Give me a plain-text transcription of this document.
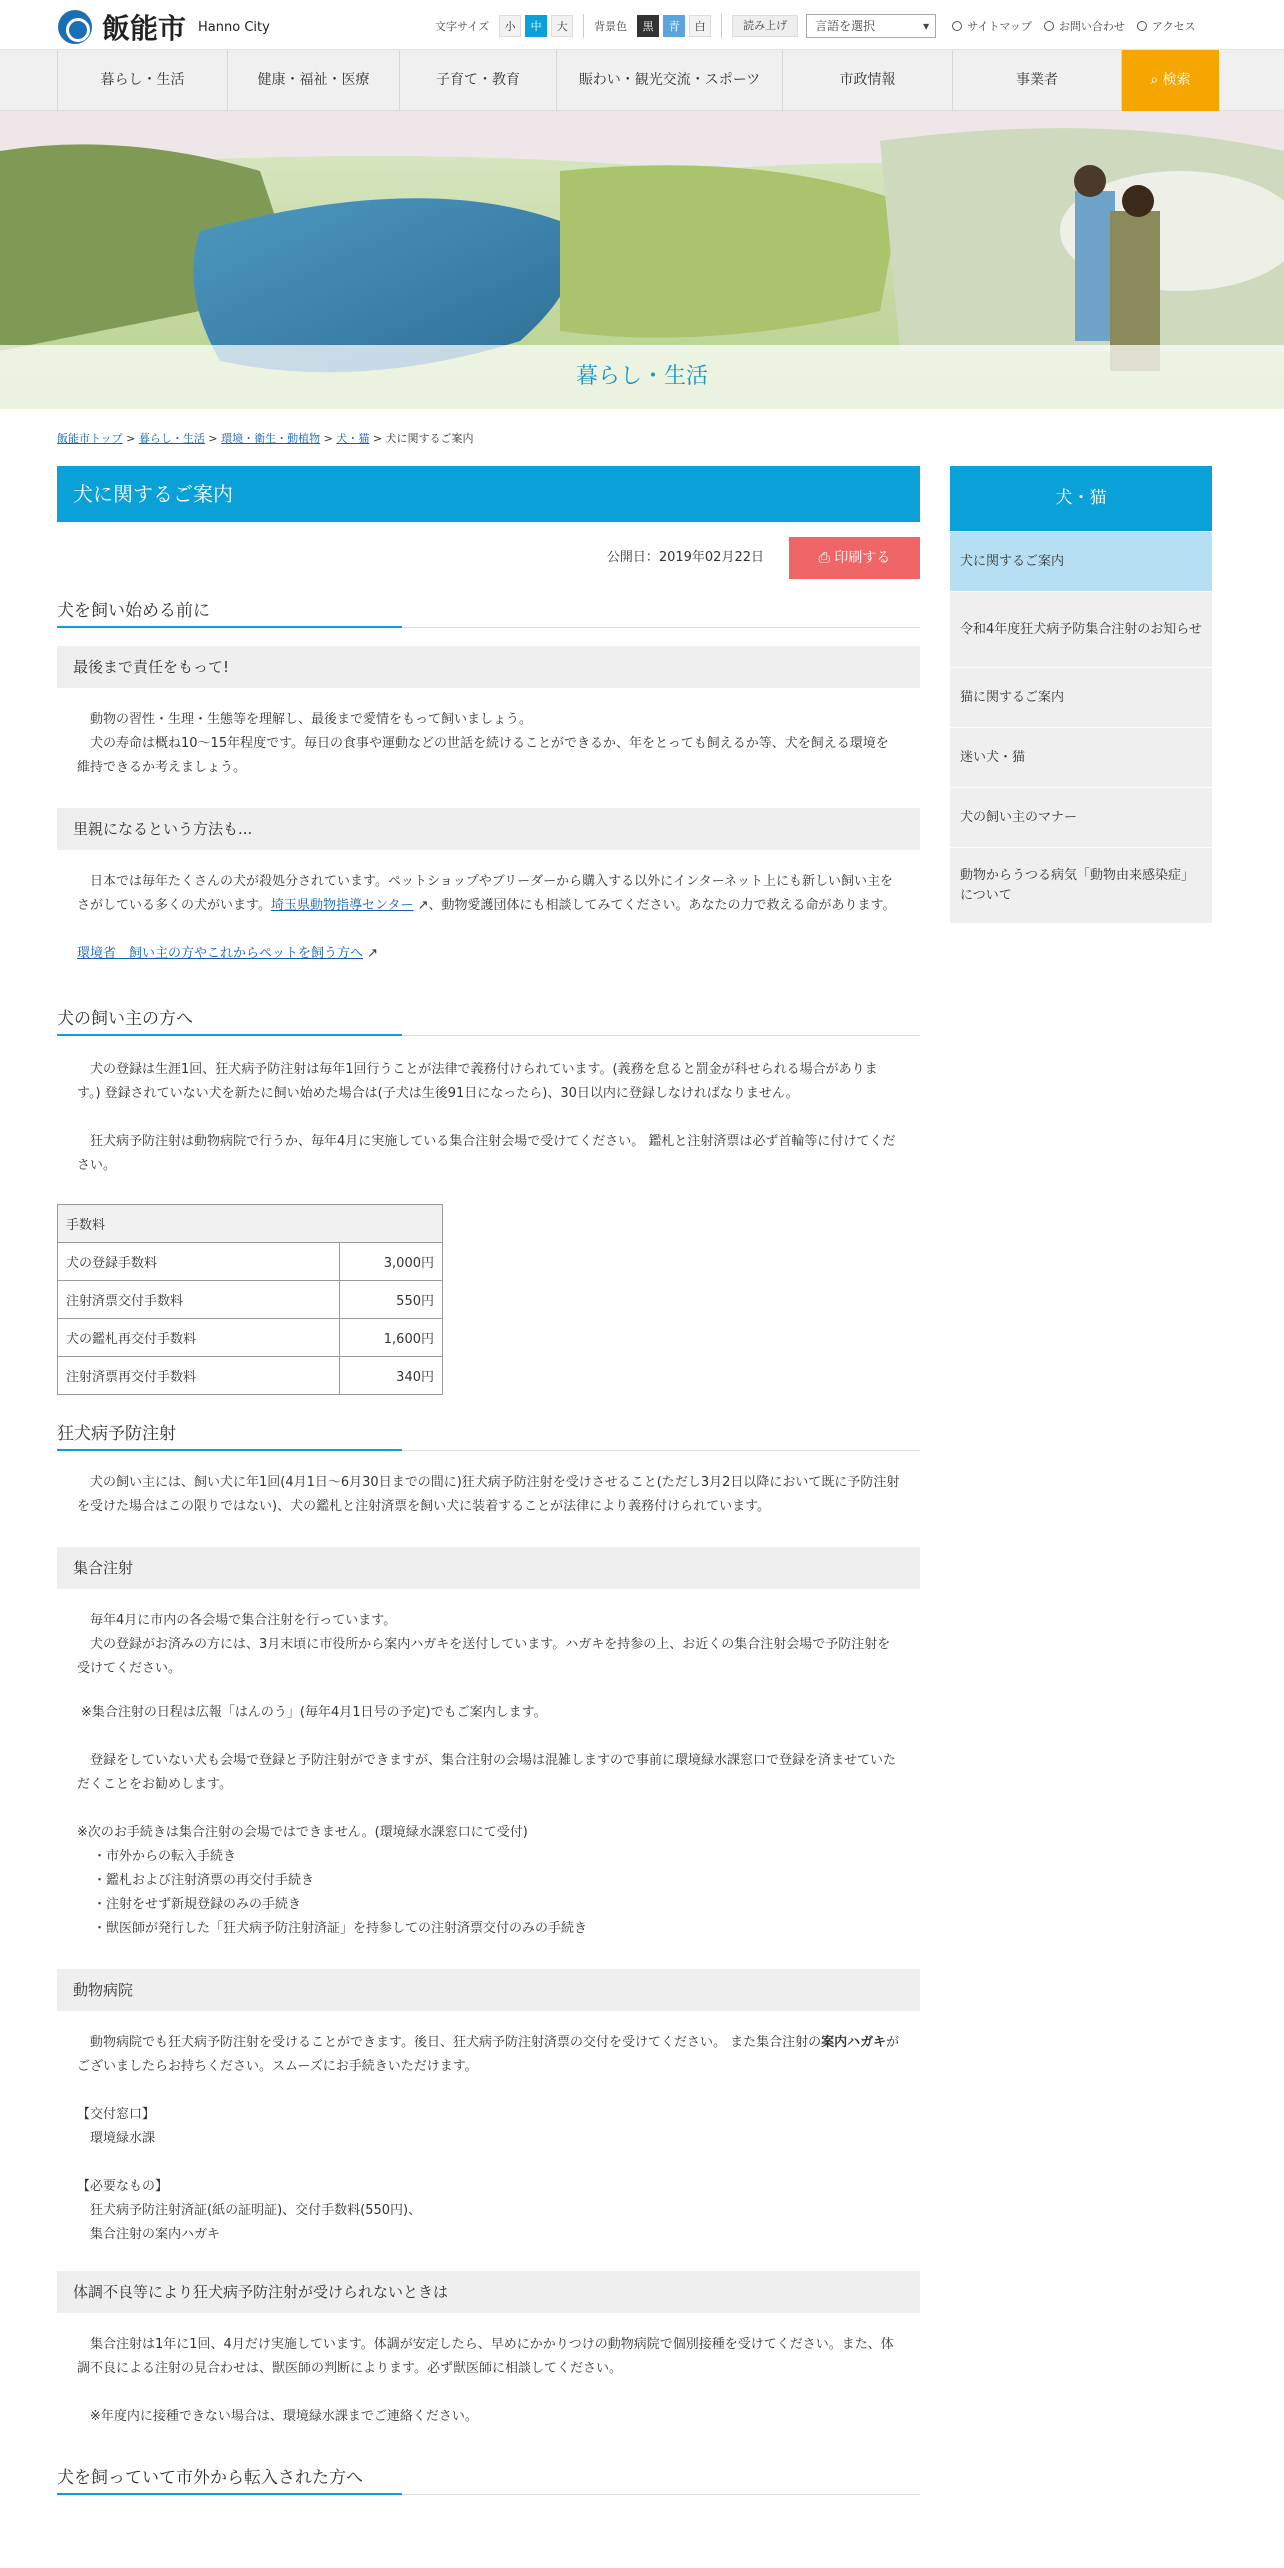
飯能市 Hanno City	文字サイズ	小	中	大	背景色	黒	青	白	読み上げ	言語を選択 ▾	サイトマップ お問い合わせ アクセス
暮らし・生活	健康・福祉・医療	子育て・教育	賑わい・観光交流・スポーツ	市政情報	事業者	⌕ 検索
暮らし・生活
飯能市トップ > 暮らし・生活 > 環境・衛生・動植物 > 犬・猫 > 犬に関するご案内
犬に関するご案内
公開日：2019年02月22日	⎙ 印刷する
犬を飼い始める前に
最後まで責任をもって!

動物の習性・生理・生態等を理解し、最後まで愛情をもって飼いましょう。

犬の寿命は概ね10～15年程度です。毎日の食事や運動などの世話を続けることができるか、年をとっても飼えるか等、犬を飼える環境を維持できるか考えましょう。

里親になるという方法も...

日本では毎年たくさんの犬が殺処分されています。ペットショップやブリーダーから購入する以外にインターネット上にも新しい飼い主をさがしている多くの犬がいます。埼玉県動物指導センター ↗、動物愛護団体にも相談してみてください。あなたの力で救える命があります。

環境省　飼い主の方やこれからペットを飼う方へ ↗

犬の飼い主の方へ

犬の登録は生涯1回、狂犬病予防注射は毎年1回行うことが法律で義務付けられています。(義務を怠ると罰金が科せられる場合があります。) 登録されていない犬を新たに飼い始めた場合は(子犬は生後91日になったら)、30日以内に登録しなければなりません。

狂犬病予防注射は動物病院で行うか、毎年4月に実施している集合注射会場で受けてください。 鑑札と注射済票は必ず首輪等に付けてください。

手数料	
犬の登録手数料	3,000円
注射済票交付手数料	550円
犬の鑑札再交付手数料	1,600円
注射済票再交付手数料	340円
狂犬病予防注射

犬の飼い主には、飼い犬に年1回(4月1日～6月30日までの間に)狂犬病予防注射を受けさせること(ただし3月2日以降において既に予防注射を受けた場合はこの限りではない)、犬の鑑札と注射済票を飼い犬に装着することが法律により義務付けられています。

集合注射

毎年4月に市内の各会場で集合注射を行っています。

犬の登録がお済みの方には、3月末頃に市役所から案内ハガキを送付しています。ハガキを持参の上、お近くの集合注射会場で予防注射を受けてください。

※集合注射の日程は広報「はんのう」(毎年4月1日号の予定)でもご案内します。

登録をしていない犬も会場で登録と予防注射ができますが、集合注射の会場は混雑しますので事前に環境緑水課窓口で登録を済ませていただくことをお勧めします。

※次のお手続きは集合注射の会場ではできません。(環境緑水課窓口にて受付)

・市外からの転入手続き

・鑑札および注射済票の再交付手続き

・注射をせず新規登録のみの手続き

・獣医師が発行した「狂犬病予防注射済証」を持参しての注射済票交付のみの手続き

動物病院

動物病院でも狂犬病予防注射を受けることができます。後日、狂犬病予防注射済票の交付を受けてください。 また集合注射の案内ハガキがございましたらお持ちください。スムーズにお手続きいただけます。

【交付窓口】

環境緑水課

【必要なもの】

狂犬病予防注射済証(紙の証明証)、交付手数料(550円)、

集合注射の案内ハガキ

体調不良等により狂犬病予防注射が受けられないときは

集合注射は1年に1回、4月だけ実施しています。体調が安定したら、早めにかかりつけの動物病院で個別接種を受けてください。また、体調不良による注射の見合わせは、獣医師の判断によります。必ず獣医師に相談してください。

※年度内に接種できない場合は、環境緑水課までご連絡ください。

犬を飼っていて市外から転入された方へ
犬・猫
犬に関するご案内
令和4年度狂犬病予防集合注射のお知らせ
猫に関するご案内
迷い犬・猫
犬の飼い主のマナー
動物からうつる病気「動物由来感染症」について
